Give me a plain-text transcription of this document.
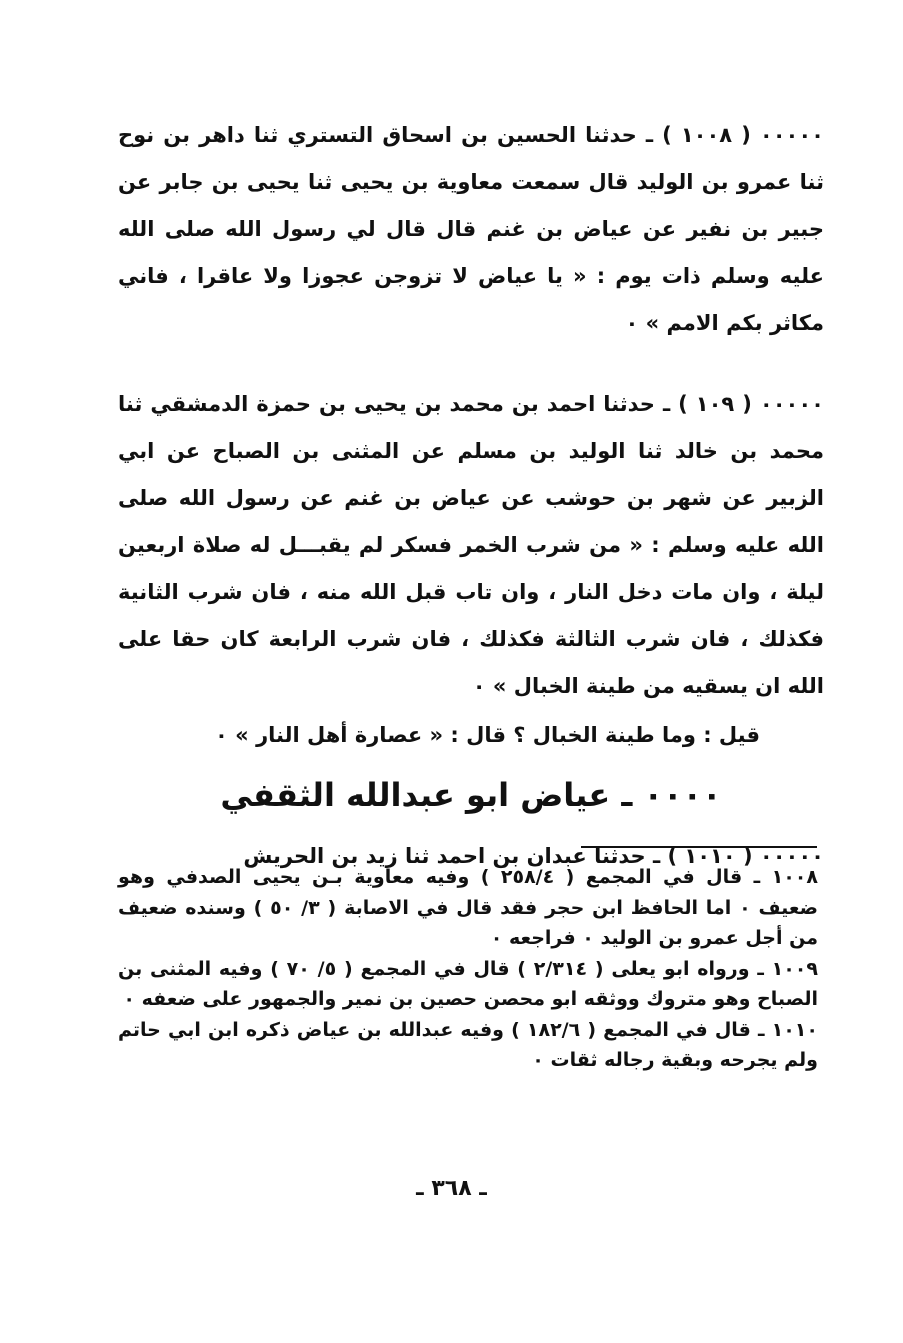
٠٠٠٠٠ ( ١٠٠٨ ) ـ حدثنا الحسين بن اسحاق التستري ثنا داهر بن نوح ثنا عمرو بن الوليد قال سمعت معاوية بن يحيى ثنا يحيى بن جابر عن جبير بن نفير عن عياض بن غنم قال قال لي رسول الله صلى الله عليه وسلم ذات يوم : « يا عياض لا تزوجن عجوزا ولا عاقرا ، فاني مكاثر بكم الامم » ٠

٠٠٠٠٠ ( ١٠٩ ) ـ حدثنا احمد بن محمد بن يحيى بن حمزة الدمشقي ثنا محمد بن خالد ثنا الوليد بن مسلم عن المثنى بن الصباح عن ابي الزبير عن شهر بن حوشب عن عياض بن غنم عن رسول الله صلى الله عليه وسلم : « من شرب الخمر فسكر لم يقبـــل له صلاة اربعين ليلة ، وان مات دخل النار ، وان تاب قبل الله منه ، فان شرب الثانية فكذلك ، فان شرب الثالثة فكذلك ، فان شرب الرابعة كان حقا على الله ان يسقيه من طينة الخبال » ٠

قيل : وما طينة الخبال ؟ قال : « عصارة أهل النار » ٠

٠٠٠٠ ـ عياض ابو عبدالله الثقفي

٠٠٠٠٠ ( ١٠١٠ ) ـ حدثنا عبدان بن احمد ثنا زيد بن الحريش

١٠٠٨ ـ قال في المجمع ( ٢٥٨/٤ ) وفيه معاوية بـن يحيى الصدفي وهو ضعيف ٠ اما الحافظ ابن حجر فقد قال في الاصابة ( ٣/ ٥٠ ) وسنده ضعيف من أجل عمرو بن الوليد ٠ فراجعه ٠

١٠٠٩ ـ ورواه ابو يعلى ( ٢/٣١٤ ) قال في المجمع ( ٥/ ٧٠ ) وفيه المثنى بن الصباح وهو متروك ووثقه ابو محصن حصين بن نمير والجمهور على ضعفه ٠

١٠١٠ ـ قال في المجمع ( ١٨٢/٦ ) وفيه عبدالله بن عياض ذكره ابن ابي حاتم ولم يجرحه وبقية رجاله ثقات ٠

ـ ٣٦٨ ـ
